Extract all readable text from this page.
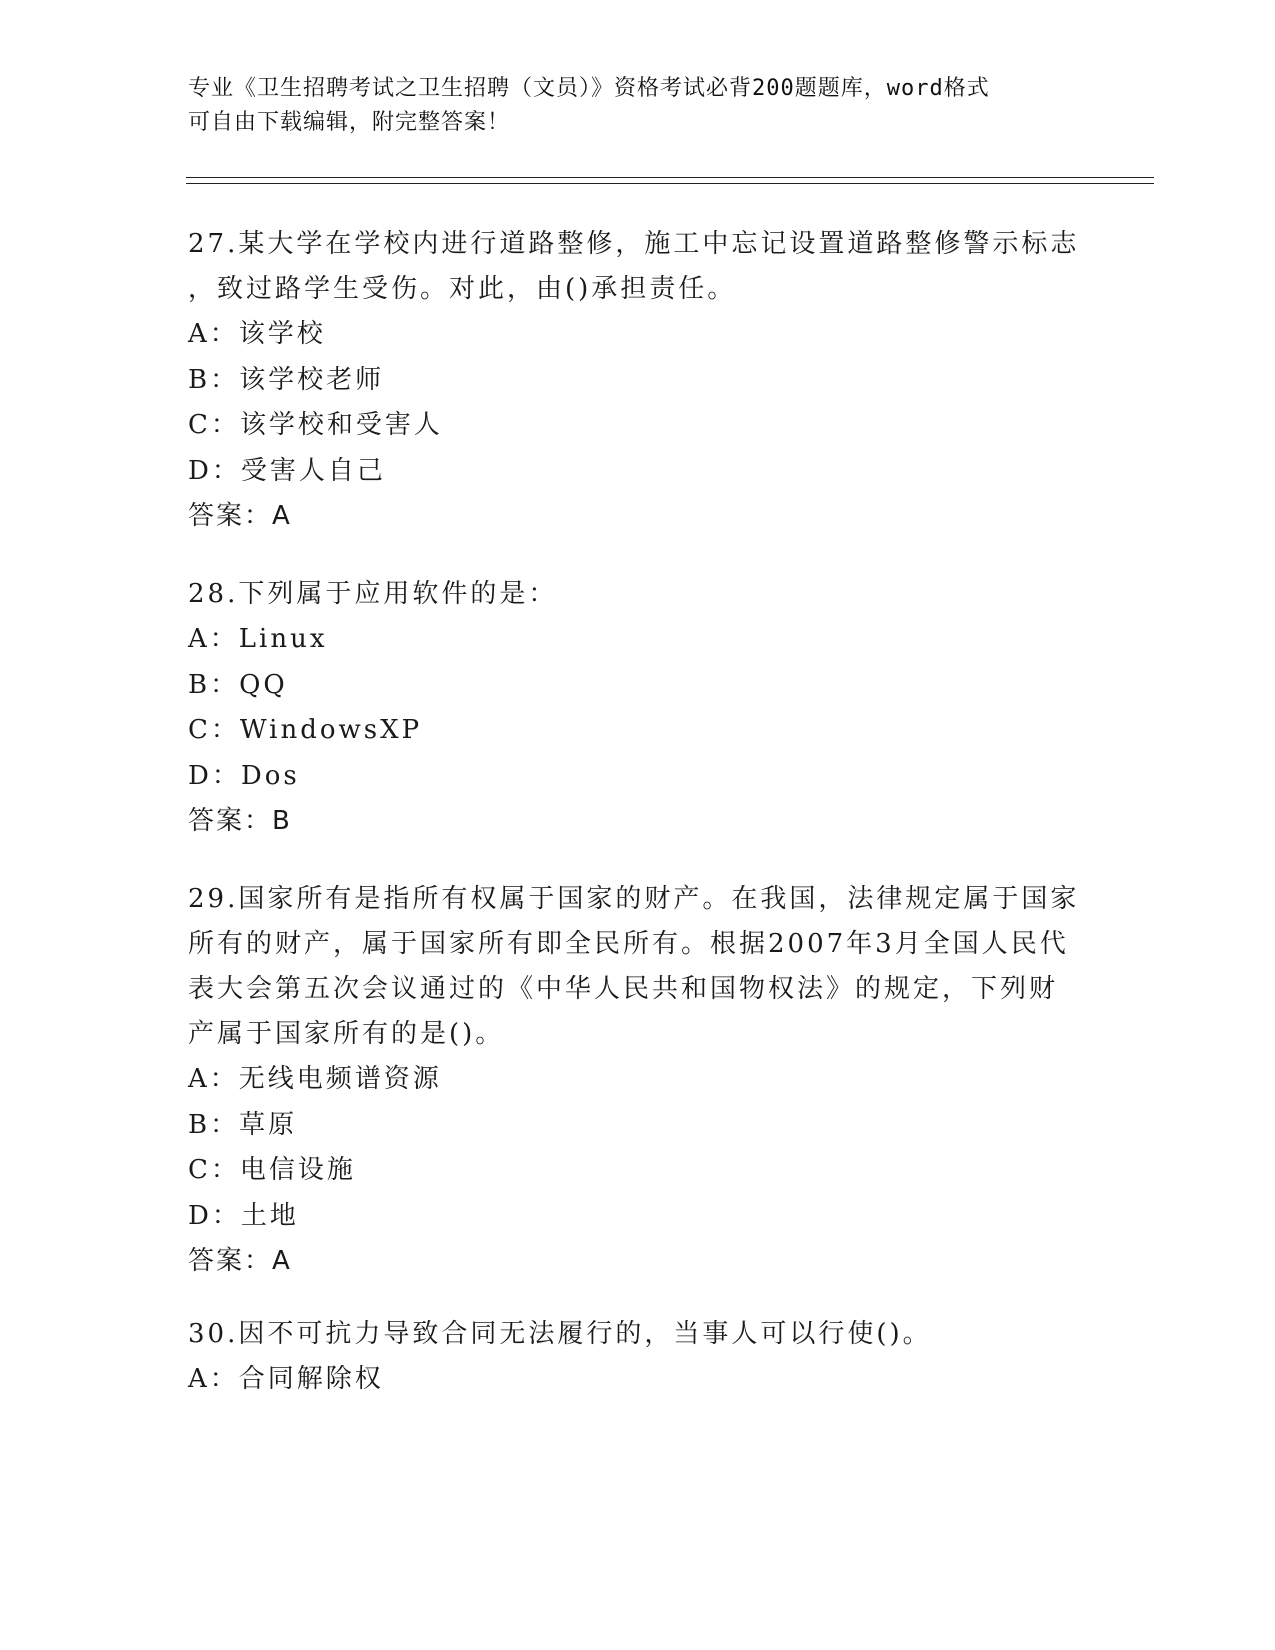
专业《卫生招聘考试之卫生招聘（文员）》资格考试必背200题题库，word格式
可自由下载编辑，附完整答案！
27.某大学在学校内进行道路整修，施工中忘记设置道路整修警示标志
，致过路学生受伤。对此，由()承担责任。
A：该学校
B：该学校老师
C：该学校和受害人
D：受害人自己
答案：A
28.下列属于应用软件的是：
A：Linux
B：QQ
C：WindowsXP
D：Dos
答案：B
29.国家所有是指所有权属于国家的财产。在我国，法律规定属于国家
所有的财产，属于国家所有即全民所有。根据2007年3月全国人民代
表大会第五次会议通过的《中华人民共和国物权法》的规定，下列财
产属于国家所有的是()。
A：无线电频谱资源
B：草原
C：电信设施
D：土地
答案：A
30.因不可抗力导致合同无法履行的，当事人可以行使()。
A：合同解除权
